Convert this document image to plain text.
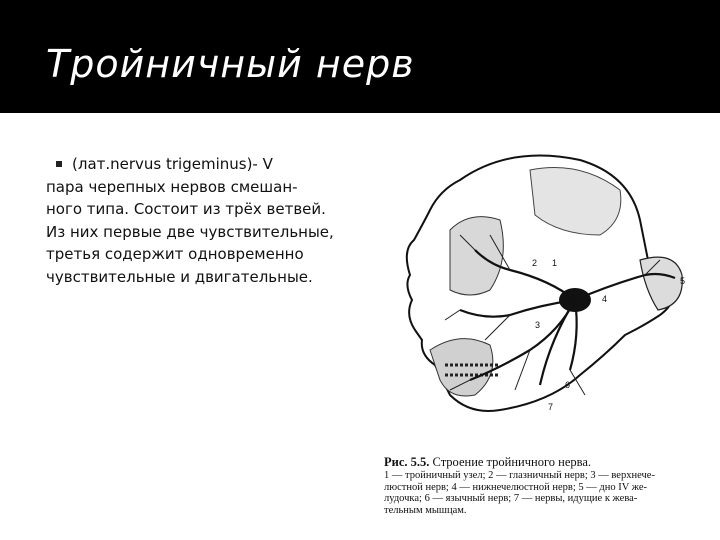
Тройничный нерв
(лат.nervus trigeminus)- V
пара черепных нервов смешан-
ного типа. Состоит из трёх ветвей.
Из них первые две чувствительные,
третья содержит одновременно
чувствительные и двигательные.
1
2
3
4
5
6
7
Рис. 5.5. Строение тройничного нерва.
1 — тройничный узел; 2 — глазничный нерв; 3 — верхнече-
люстной нерв; 4 — нижнечелюстной нерв; 5 — дно IV же-
лудочка; 6 — язычный нерв; 7 — нервы, идущие к жева-
тельным мышцам.
